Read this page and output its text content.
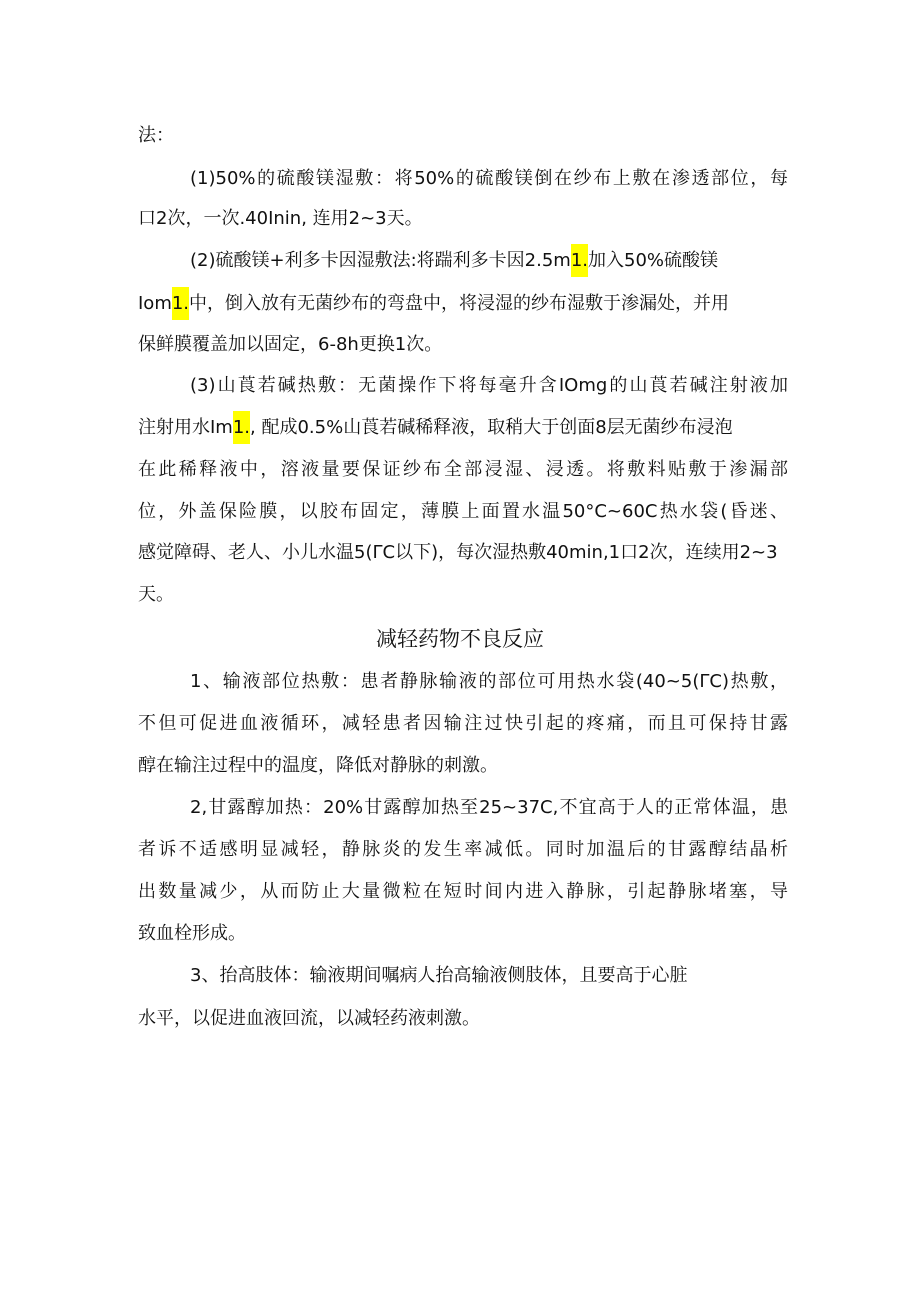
法：
(1)50%的硫酸镁湿敷：将50%的硫酸镁倒在纱布上敷在渗透部位，每
口2次，一次.40Inin, 连用2~3天。
(2)硫酸镁+利多卡因湿敷法:将踹利多卡因2.5m1.加入50%硫酸镁
Iom1.中，倒入放有无菌纱布的弯盘中，将浸湿的纱布湿敷于渗漏处，并用
保鲜膜覆盖加以固定，6-8h更换1次。
(3)山莨若碱热敷：无菌操作下将每毫升含IOmg的山莨若碱注射液加
注射用水Im1., 配成0.5%山莨若碱稀释液，取稍大于创面8层无菌纱布浸泡
在此稀释液中，溶液量要保证纱布全部浸湿、浸透。将敷料贴敷于渗漏部
位，外盖保险膜，以胶布固定，薄膜上面置水温50°C~60C热水袋(昏迷、
感觉障碍、老人、小儿水温5(ΓC以下)，每次湿热敷40min,1口2次，连续用2~3
天。
减轻药物不良反应
1、输液部位热敷：患者静脉输液的部位可用热水袋(40~5(ΓC)热敷，
不但可促进血液循环，减轻患者因输注过快引起的疼痛，而且可保持甘露
醇在输注过程中的温度，降低对静脉的刺激。
2,甘露醇加热：20%甘露醇加热至25~37C,不宜高于人的正常体温，患
者诉不适感明显减轻，静脉炎的发生率减低。同时加温后的甘露醇结晶析
出数量减少，从而防止大量微粒在短时间内进入静脉，引起静脉堵塞，导
致血栓形成。
3、抬高肢体：输液期间嘱病人抬高输液侧肢体，且要高于心脏
水平，以促进血液回流，以减轻药液刺激。
